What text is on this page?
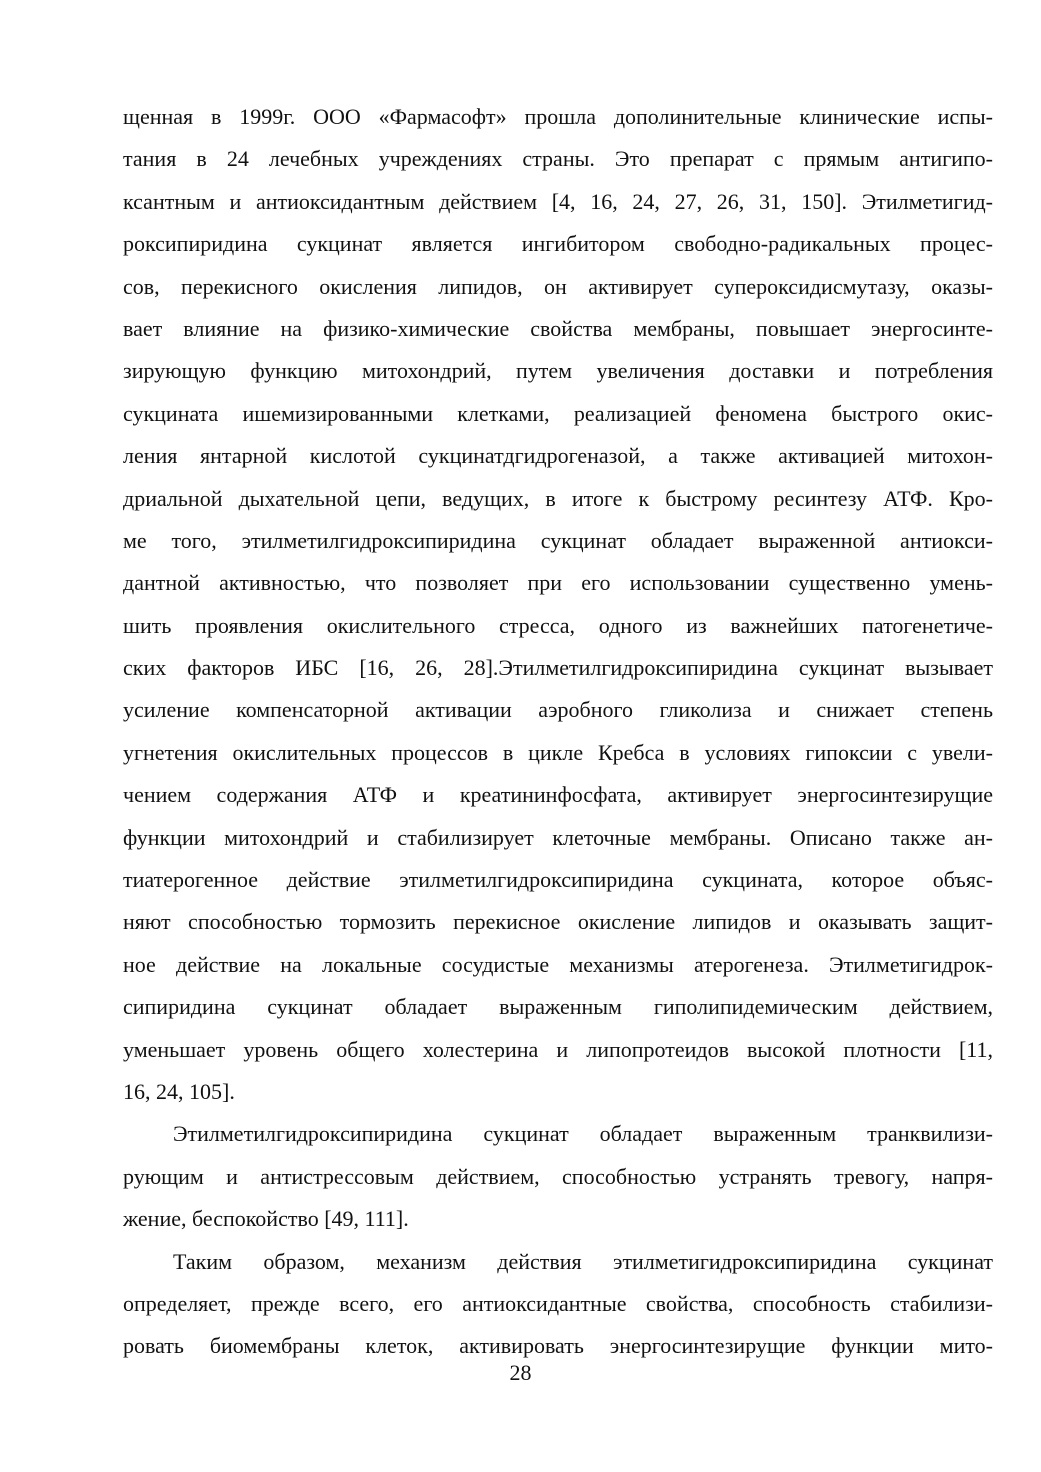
щенная в 1999г. ООО «Фармасофт» прошла дополинительные клинические испы-
тания в 24 лечебных учреждениях страны. Это препарат с прямым антигипо-
ксантным и антиоксидантным действием [4, 16, 24, 27, 26, 31, 150]. Этилметигид-
роксипиридина сукцинат является ингибитором свободно-радикальных процес-
сов, перекисного окисления липидов, он активирует супероксидисмутазу, оказы-
вает влияние на физико-химические свойства мембраны, повышает энергосинте-
зирующую функцию митохондрий, путем увеличения доставки и потребления
сукцината ишемизированными клетками, реализацией феномена быстрого окис-
ления янтарной кислотой сукцинатдгидрогеназой, а также активацией митохон-
дриальной дыхательной цепи, ведущих, в итоге к быстрому ресинтезу АТФ. Кро-
ме того, этилметилгидроксипиридина сукцинат обладает выраженной антиокси-
дантной активностью, что позволяет при его использовании существенно умень-
шить проявления окислительного стресса, одного из важнейших патогенетиче-
ских факторов ИБС [16, 26, 28].Этилметилгидроксипиридина сукцинат вызывает
усиление компенсаторной активации аэробного гликолиза и снижает степень
угнетения окислительных процессов в цикле Кребса в условиях гипоксии с увели-
чением содержания АТФ и креатининфосфата, активирует энергосинтезирущие
функции митохондрий и стабилизирует клеточные мембраны. Описано также ан-
тиатерогенное действие этилметилгидроксипиридина сукцината, которое объяс-
няют способностью тормозить перекисное окисление липидов и оказывать защит-
ное действие на локальные сосудистые механизмы атерогенеза. Этилметигидрок-
сипиридина сукцинат обладает выраженным гиполипидемическим действием,
уменьшает уровень общего холестерина и липопротеидов высокой плотности [11,
16, 24, 105].
Этилметилгидроксипиридина сукцинат обладает выраженным транквилизи-
рующим и антистрессовым действием, способностью устранять тревогу, напря-
жение, беспокойство [49, 111].
Таким образом, механизм действия этилметигидроксипиридина сукцинат
определяет, прежде всего, его антиоксидантные свойства, способность стабилизи-
ровать биомембраны клеток, активировать энергосинтезирущие функции мито-
28
